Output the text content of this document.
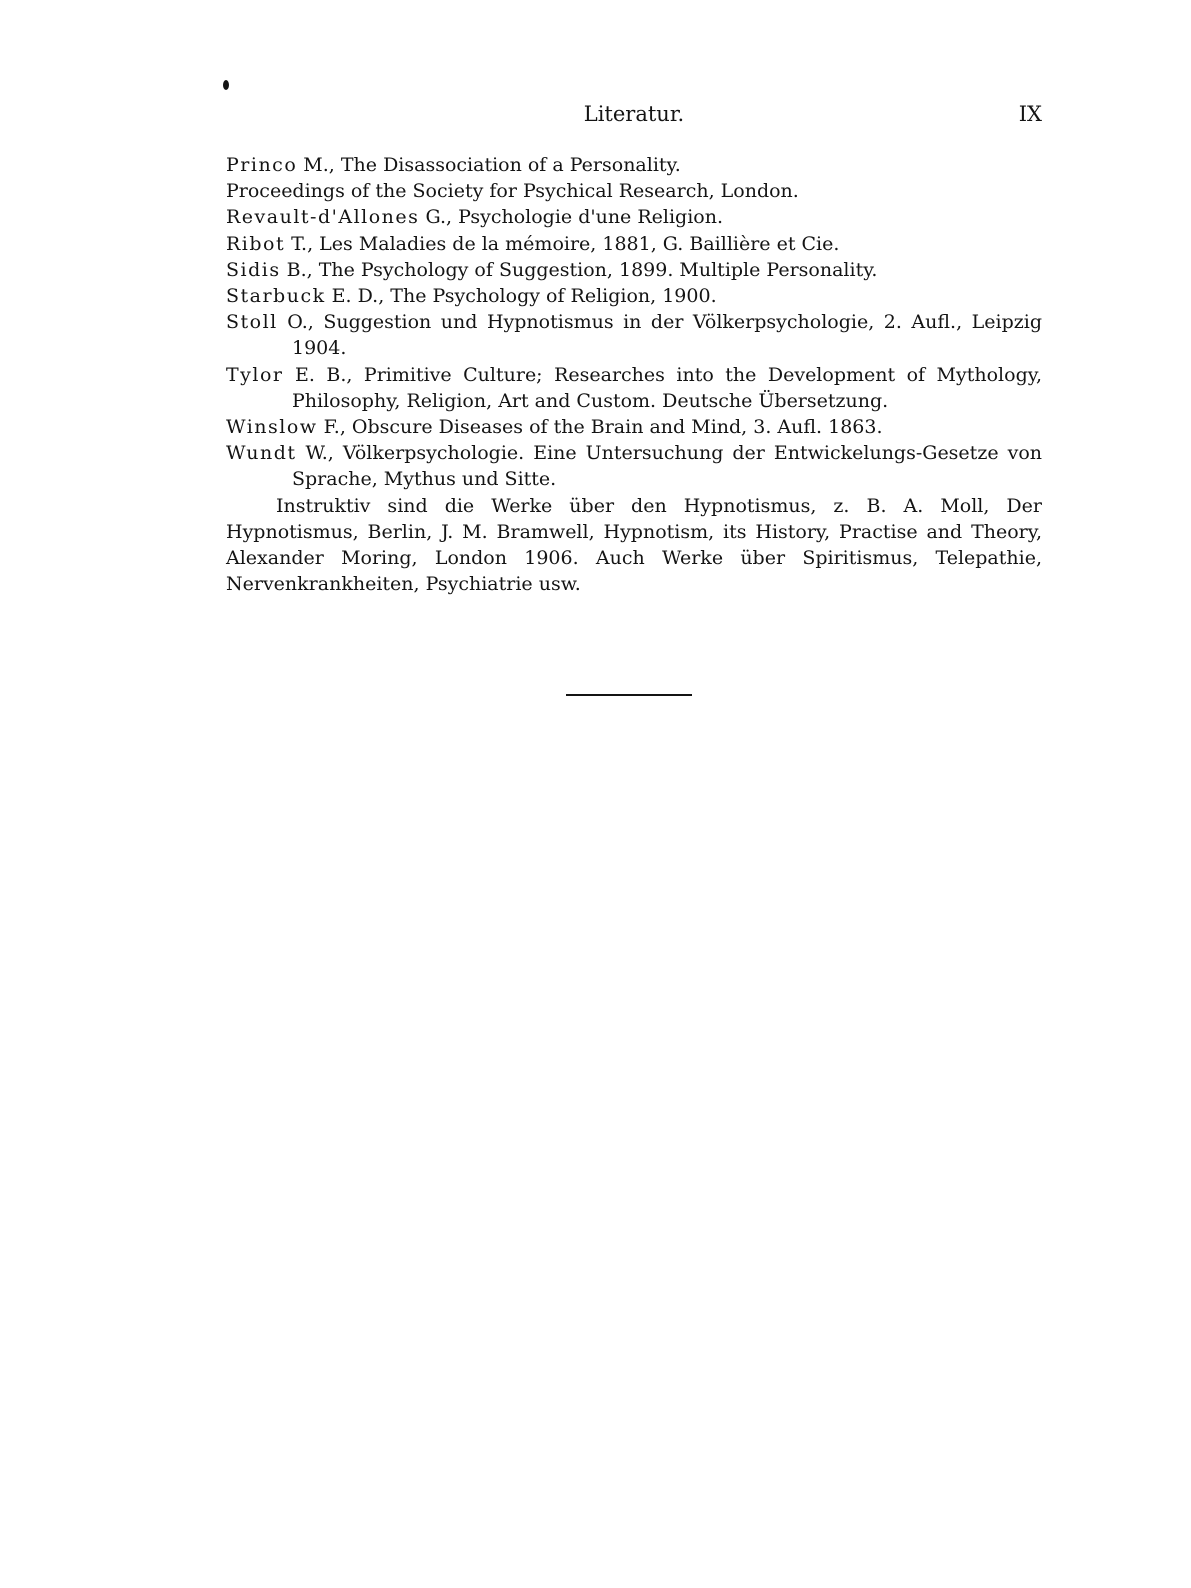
Literatur.	IX

Princo M., The Disassociation of a Personality.

Proceedings of the Society for Psychical Research, London.

Revault-d'Allones G., Psychologie d'une Religion.

Ribot T., Les Maladies de la mémoire, 1881, G. Baillière et Cie.

Sidis B., The Psychology of Suggestion, 1899. Multiple Personality.

Starbuck E. D., The Psychology of Religion, 1900.

Stoll O., Suggestion und Hypnotismus in der Völkerpsychologie, 2. Aufl., Leipzig 1904.

Tylor E. B., Primitive Culture; Researches into the Development of Mythology, Philosophy, Religion, Art and Custom. Deutsche Übersetzung.

Winslow F., Obscure Diseases of the Brain and Mind, 3. Aufl. 1863.

Wundt W., Völkerpsychologie. Eine Untersuchung der Entwickelungs-Gesetze von Sprache, Mythus und Sitte.

Instruktiv sind die Werke über den Hypnotismus, z. B. A. Moll, Der Hypnotismus, Berlin, J. M. Bramwell, Hypnotism, its History, Practise and Theory, Alexander Moring, London 1906. Auch Werke über Spiritismus, Telepathie, Nervenkrankheiten, Psychiatrie usw.
